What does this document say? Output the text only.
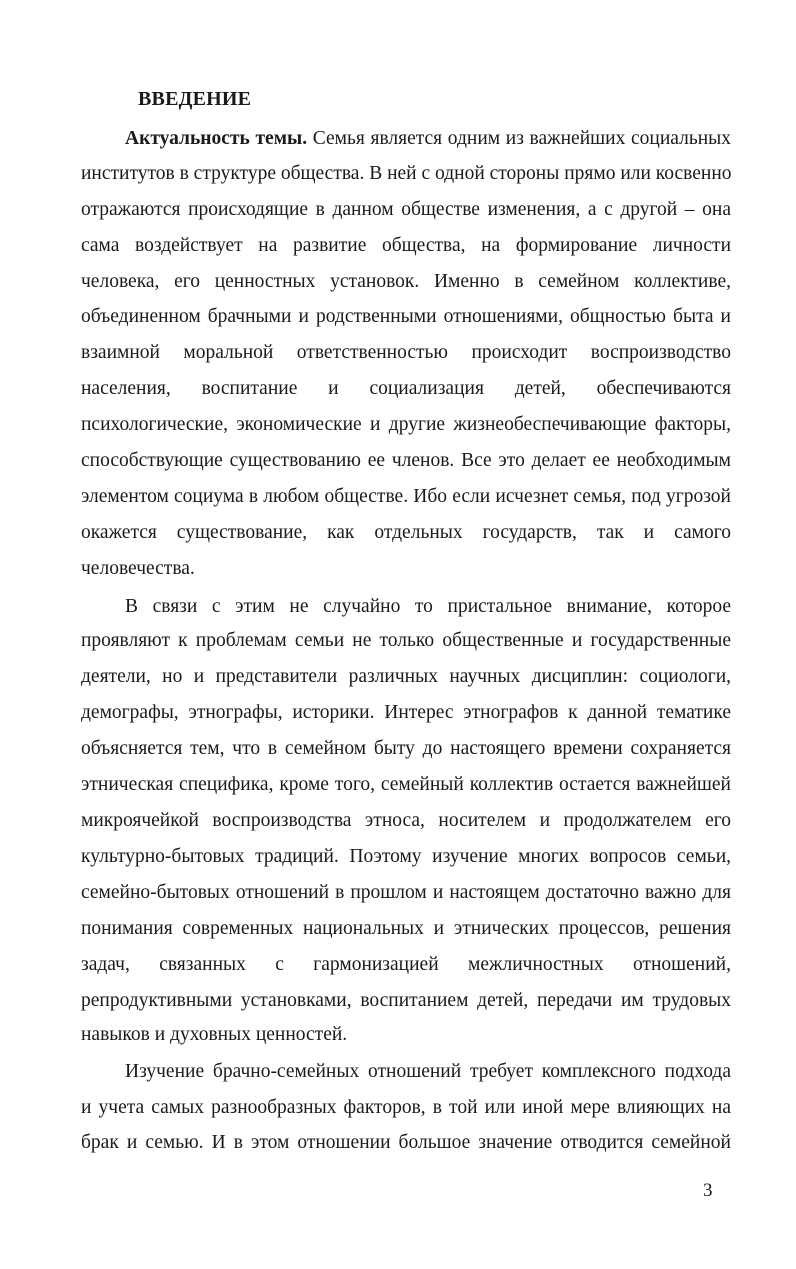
ВВЕДЕНИЕ

Актуальность темы. Семья является одним из важнейших социальных

институтов в структуре общества. В ней с одной стороны прямо или косвенно

отражаются происходящие в данном обществе изменения, а с другой – она

сама воздействует на развитие общества, на формирование личности

человека, его ценностных установок. Именно в семейном коллективе,

объединенном брачными и родственными отношениями, общностью быта и

взаимной моральной ответственностью происходит воспроизводство

населения, воспитание и социализация детей, обеспечиваются

психологические, экономические и другие жизнеобеспечивающие факторы,

способствующие существованию ее членов. Все это делает ее необходимым

элементом социума в любом обществе. Ибо если исчезнет семья, под угрозой

окажется существование, как отдельных государств, так и самого

человечества.

В связи с этим не случайно то пристальное внимание, которое

проявляют к проблемам семьи не только общественные и государственные

деятели, но и представители различных научных дисциплин: социологи,

демографы, этнографы, историки. Интерес этнографов к данной тематике

объясняется тем, что в семейном быту до настоящего времени сохраняется

этническая специфика, кроме того, семейный коллектив остается важнейшей

микроячейкой воспроизводства этноса, носителем и продолжателем его

культурно-бытовых традиций. Поэтому изучение многих вопросов семьи,

семейно-бытовых отношений в прошлом и настоящем достаточно важно для

понимания современных национальных и этнических процессов, решения

задач, связанных с гармонизацией межличностных отношений,

репродуктивными установками, воспитанием детей, передачи им трудовых

навыков и духовных ценностей.

Изучение брачно-семейных отношений требует комплексного подхода

и учета самых разнообразных факторов, в той или иной мере влияющих на

брак и семью. И в этом отношении большое значение отводится семейной

3
